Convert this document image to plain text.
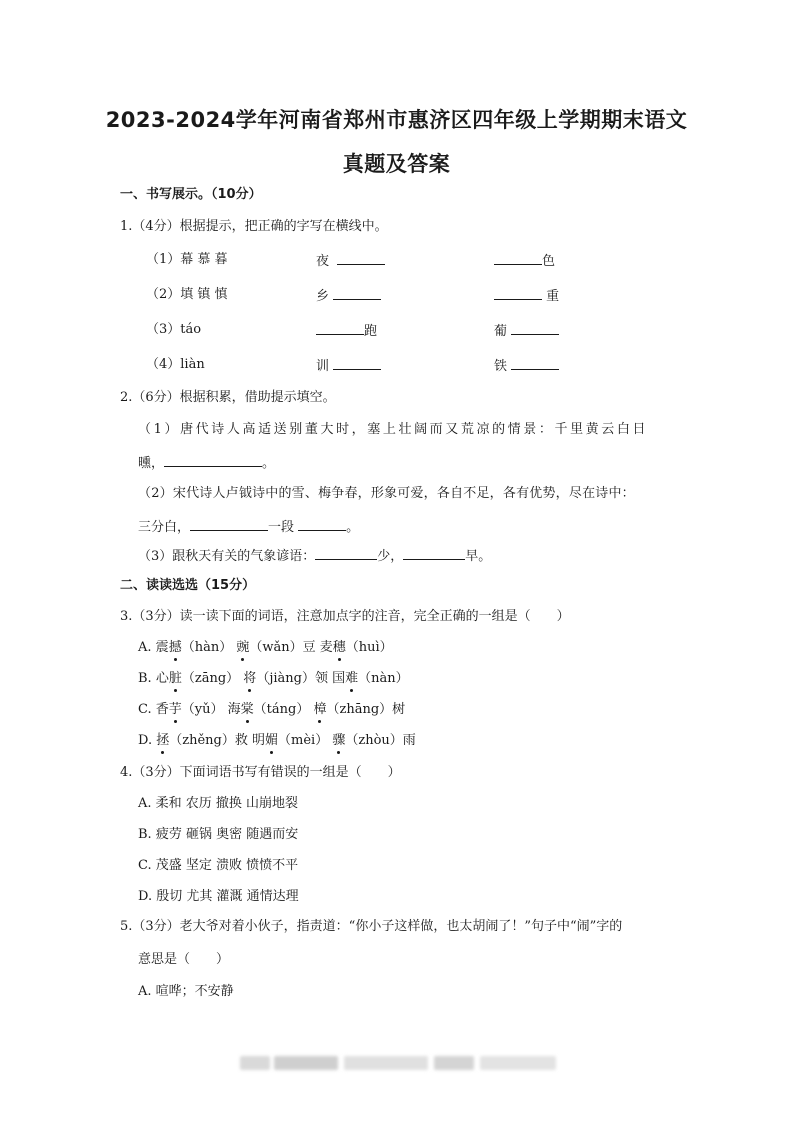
2023-2024学年河南省郑州市惠济区四年级上学期期末语文
真题及答案
一、书写展示。（10分）
1.（4分）根据提示，把正确的字写在横线中。
（1）幕 慕 暮	夜	色
（2）填 镇 慎	乡	重
（3）táo	跑	葡
（4）liàn	训	铁
2.（6分）根据积累，借助提示填空。
（1）唐代诗人高适送别董大时，塞上壮阔而又荒凉的情景：千里黄云白日
曛，	。
（2）宋代诗人卢钺诗中的雪、梅争春，形象可爱，各自不足，各有优势，尽在诗中：
三分白，	一段	。
（3）跟秋天有关的气象谚语：	少，	早。
二、读读选选（15分）
3.（3分）读一读下面的词语，注意加点字的注音，完全正确的一组是（　　）
A. 震撼（hàn） 豌（wǎn）豆 麦穗（huì）
B. 心脏（zāng） 将（jiàng）领 国难（nàn）
C. 香芋（yǔ） 海棠（táng） 樟（zhāng）树
D. 拯（zhěng）救 明媚（mèi） 骤（zhòu）雨
4.（3分）下面词语书写有错误的一组是（　　）
A. 柔和 农历 撤换 山崩地裂
B. 疲劳 砸锅 奥密 随遇而安
C. 茂盛 坚定 溃败 愤愤不平
D. 殷切 尤其 灌溉 通情达理
5.（3分）老大爷对着小伙子，指责道：“你小子这样做，也太胡闹了！”句子中“闹”字的
意思是（　　）
A. 喧哗；不安静
